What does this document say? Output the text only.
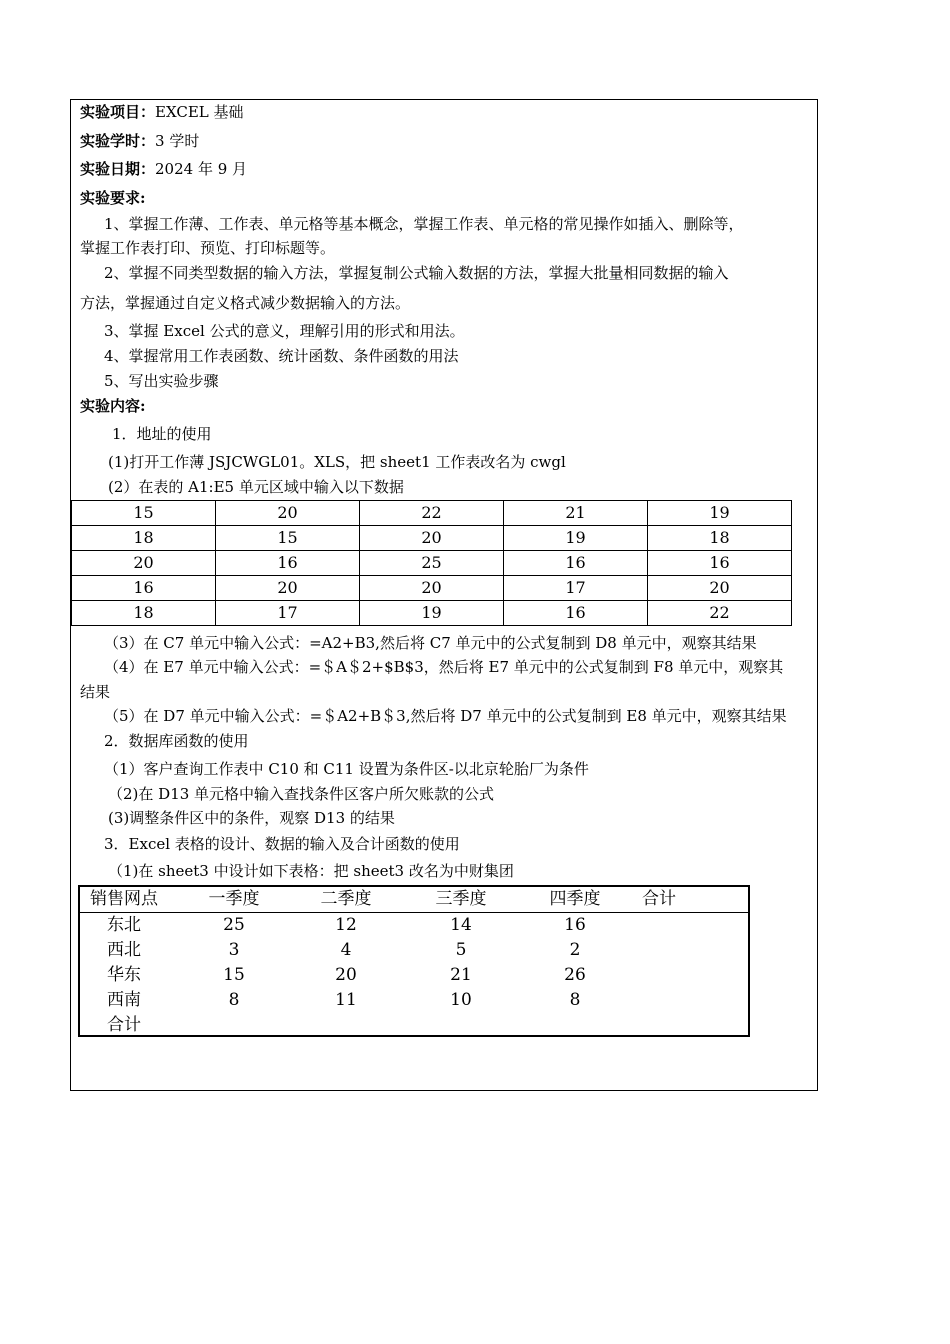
实验项目：EXCEL 基础
实验学时：3 学时
实验日期：2024 年 9 月
实验要求:
1、掌握工作薄、工作表、单元格等基本概念，掌握工作表、单元格的常见操作如插入、删除等，
掌握工作表打印、预览、打印标题等。
2、掌握不同类型数据的输入方法，掌握复制公式输入数据的方法，掌握大批量相同数据的输入
方法，掌握通过自定义格式减少数据输入的方法。
3、掌握 Excel 公式的意义，理解引用的形式和用法。
4、掌握常用工作表函数、统计函数、条件函数的用法
5、写出实验步骤
实验内容:
1．地址的使用
(1)打开工作薄 JSJCWGL01。XLS，把 sheet1 工作表改名为 cwgl
(2）在表的 A1:E5 单元区域中输入以下数据
15	20	22	21	19
18	15	20	19	18
20	16	25	16	16
16	20	20	17	20
18	17	19	16	22
（3）在 C7 单元中输入公式：=A2+B3,然后将 C7 单元中的公式复制到 D8 单元中，观察其结果
（4）在 E7 单元中输入公式：=＄A＄2+$B$3，然后将 E7 单元中的公式复制到 F8 单元中，观察其
结果
（5）在 D7 单元中输入公式：=＄A2+B＄3,然后将 D7 单元中的公式复制到 E8 单元中，观察其结果
2．数据库函数的使用
（1）客户查询工作表中 C10 和 C11 设置为条件区-以北京轮胎厂为条件
（2)在 D13 单元格中输入查找条件区客户所欠账款的公式
(3)调整条件区中的条件，观察 D13 的结果
3．Excel 表格的设计、数据的输入及合计函数的使用
（1)在 sheet3 中设计如下表格：把 sheet3 改名为中财集团
销售网点	一季度	二季度	三季度	四季度 合计
东北	25	12	14	16
西北	3	4	5	2
华东	15	20	21	26
西南	8	11	10	8
合计
